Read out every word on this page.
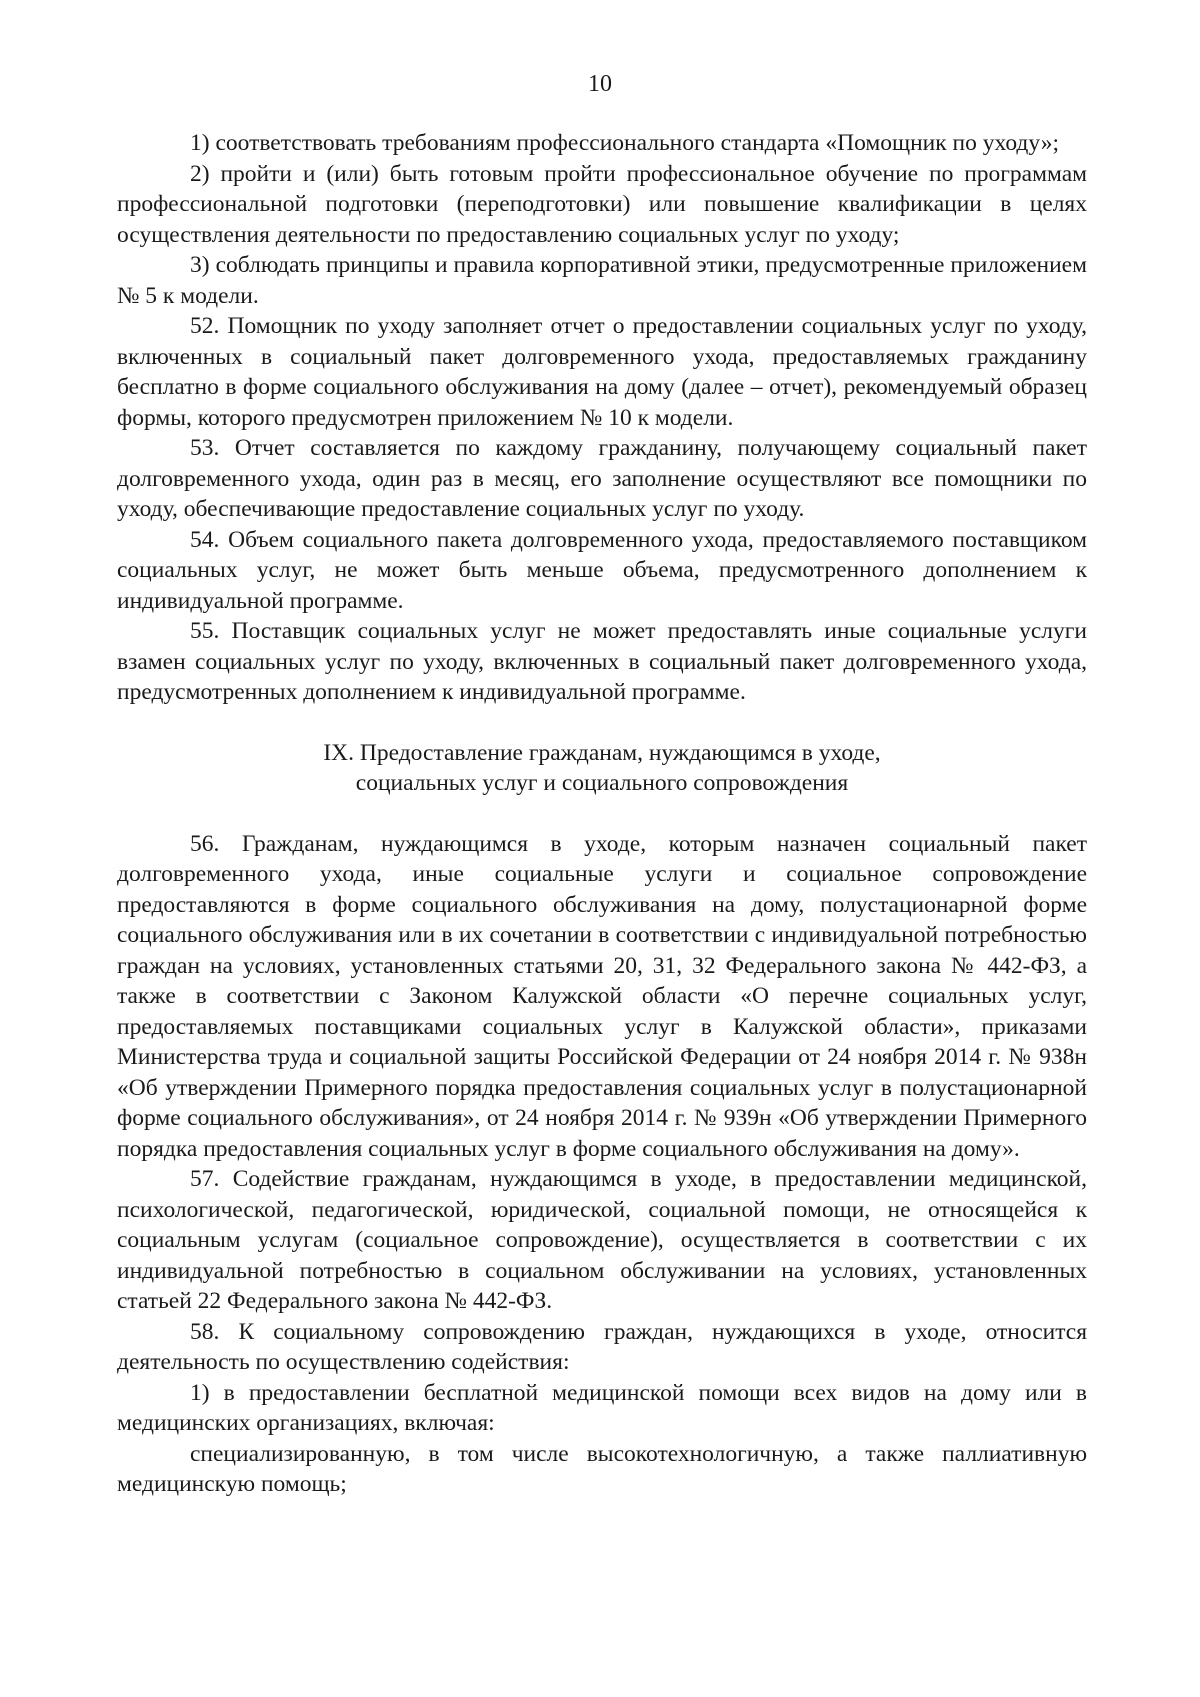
10

1) соответствовать требованиям профессионального стандарта «Помощник по уходу»;

2) пройти и (или) быть готовым пройти профессиональное обучение по программам профессиональной подготовки (переподготовки) или повышение квалификации в целях осуществления деятельности по предоставлению социальных услуг по уходу;

3) соблюдать принципы и правила корпоративной этики, предусмотренные приложением № 5 к модели.

52. Помощник по уходу заполняет отчет о предоставлении социальных услуг по уходу, включенных в социальный пакет долговременного ухода, предоставляемых гражданину бесплатно в форме социального обслуживания на дому (далее – отчет), рекомендуемый образец формы, которого предусмотрен приложением № 10 к модели.

53. Отчет составляется по каждому гражданину, получающему социальный пакет долговременного ухода, один раз в месяц, его заполнение осуществляют все помощники по уходу, обеспечивающие предоставление социальных услуг по уходу.

54. Объем социального пакета долговременного ухода, предоставляемого поставщиком социальных услуг, не может быть меньше объема, предусмотренного дополнением к индивидуальной программе.

55. Поставщик социальных услуг не может предоставлять иные социальные услуги взамен социальных услуг по уходу, включенных в социальный пакет долговременного ухода, предусмотренных дополнением к индивидуальной программе.

IX. Предоставление гражданам, нуждающимся в уходе,
социальных услуг и социального сопровождения

56. Гражданам, нуждающимся в уходе, которым назначен социальный пакет долговременного ухода, иные социальные услуги и социальное сопровождение предоставляются в форме социального обслуживания на дому, полустационарной форме социального обслуживания или в их сочетании в соответствии с индивидуальной потребностью граждан на условиях, установленных статьями 20, 31, 32 Федерального закона № 442-ФЗ, а также в соответствии с Законом Калужской области «О перечне социальных услуг, предоставляемых поставщиками социальных услуг в Калужской области», приказами Министерства труда и социальной защиты Российской Федерации от 24 ноября 2014 г. № 938н «Об утверждении Примерного порядка предоставления социальных услуг в полустационарной форме социального обслуживания», от 24 ноября 2014 г. № 939н «Об утверждении Примерного порядка предоставления социальных услуг в форме социального обслуживания на дому».

57. Содействие гражданам, нуждающимся в уходе, в предоставлении медицинской, психологической, педагогической, юридической, социальной помощи, не относящейся к социальным услугам (социальное сопровождение), осуществляется в соответствии с их индивидуальной потребностью в социальном обслуживании на условиях, установленных статьей 22 Федерального закона № 442-ФЗ.

58. К социальному сопровождению граждан, нуждающихся в уходе, относится деятельность по осуществлению содействия:

1) в предоставлении бесплатной медицинской помощи всех видов на дому или в медицинских организациях, включая:

специализированную, в том числе высокотехнологичную, а также паллиативную медицинскую помощь;
